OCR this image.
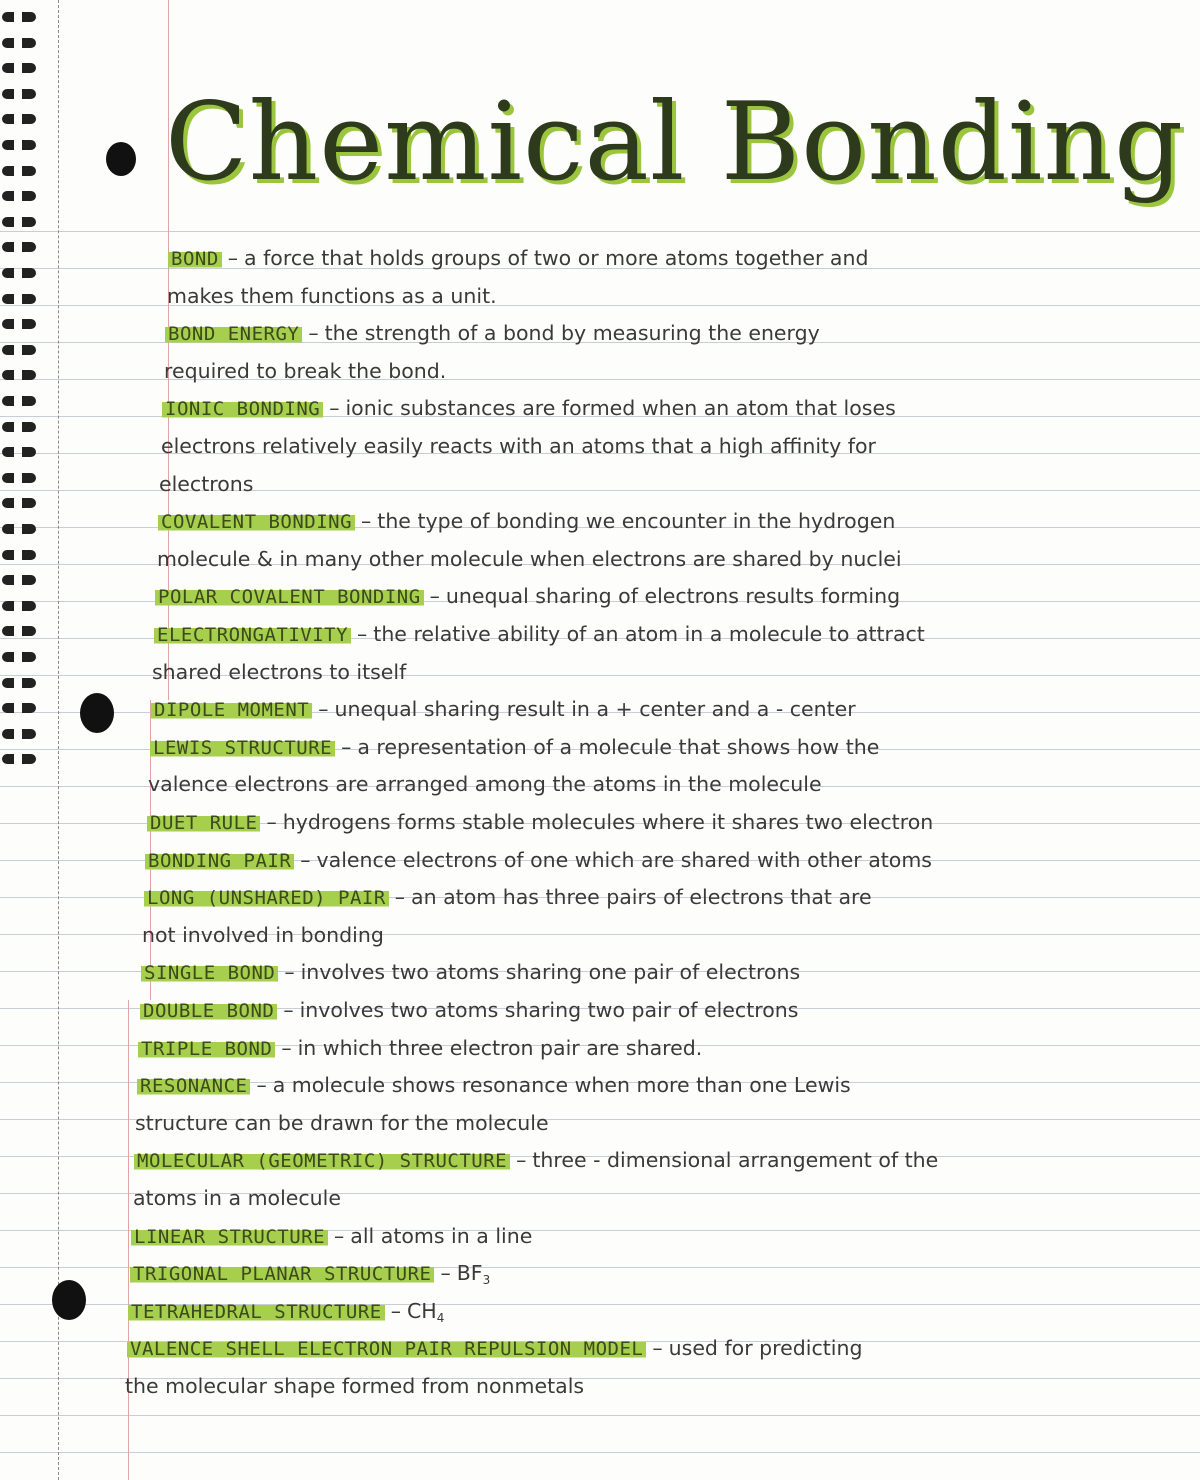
Chemical Bonding
BOND – a force that holds groups of two or more atoms together and
makes them functions as a unit.
BOND ENERGY – the strength of a bond by measuring the energy
required to break the bond.
IONIC BONDING – ionic substances are formed when an atom that loses
electrons relatively easily reacts with an atoms that a high affinity for
electrons
COVALENT BONDING – the type of bonding we encounter in the hydrogen
molecule & in many other molecule when electrons are shared by nuclei
POLAR COVALENT BONDING – unequal sharing of electrons results forming
ELECTRONGATIVITY – the relative ability of an atom in a molecule to attract
shared electrons to itself
DIPOLE MOMENT – unequal sharing result in a + center and a - center
LEWIS STRUCTURE – a representation of a molecule that shows how the
valence electrons are arranged among the atoms in the molecule
DUET RULE – hydrogens forms stable molecules where it shares two electron
BONDING PAIR – valence electrons of one which are shared with other atoms
LONG (UNSHARED) PAIR – an atom has three pairs of electrons that are
not involved in bonding
SINGLE BOND – involves two atoms sharing one pair of electrons
DOUBLE BOND – involves two atoms sharing two pair of electrons
TRIPLE BOND – in which three electron pair are shared.
RESONANCE – a molecule shows resonance when more than one Lewis
structure can be drawn for the molecule
MOLECULAR (GEOMETRIC) STRUCTURE – three - dimensional arrangement of the
atoms in a molecule
LINEAR STRUCTURE – all atoms in a line
TRIGONAL PLANAR STRUCTURE – $BF_3$
TETRAHEDRAL STRUCTURE – $CH_4$
VALENCE SHELL ELECTRON PAIR REPULSION MODEL – used for predicting
the molecular shape formed from nonmetals
